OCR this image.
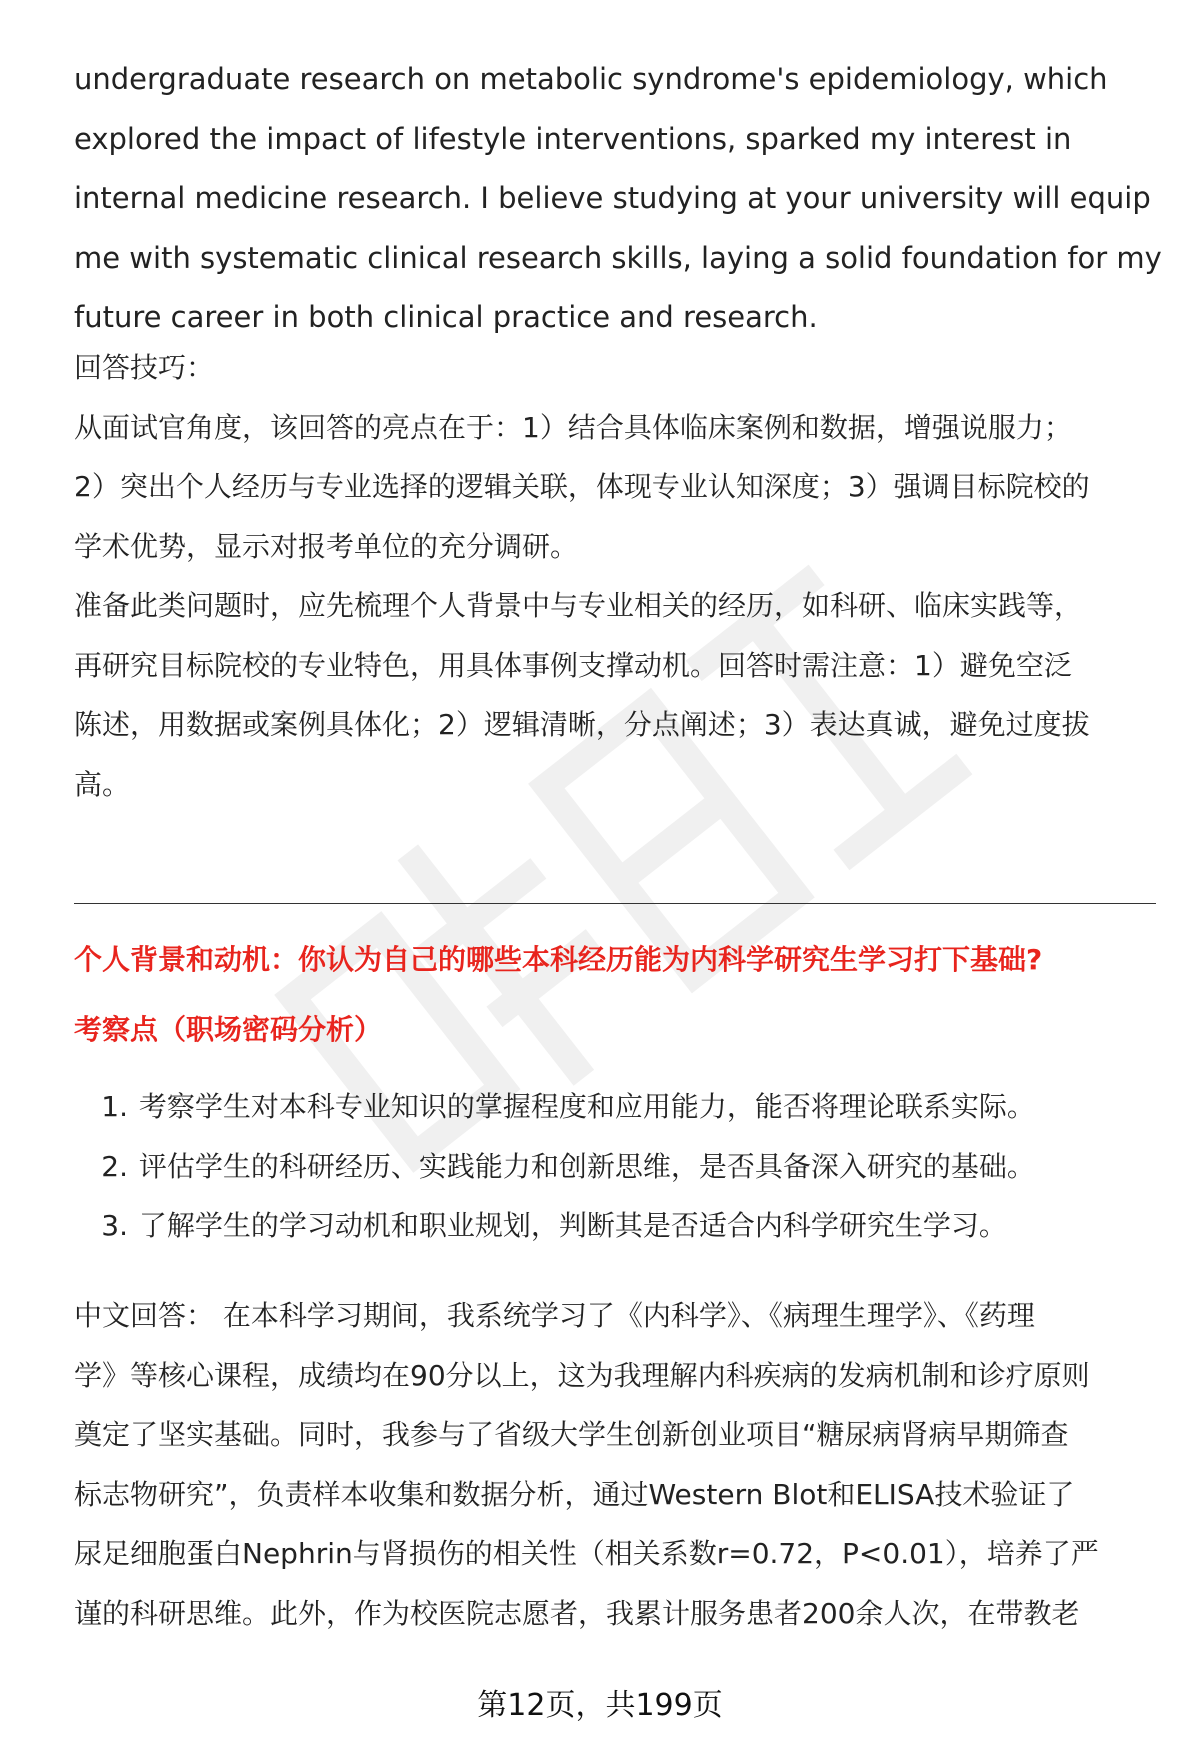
undergraduate research on metabolic syndrome's epidemiology, which
explored the impact of lifestyle interventions, sparked my interest in
internal medicine research. I believe studying at your university will equip
me with systematic clinical research skills, laying a solid foundation for my
future career in both clinical practice and research.

回答技巧：
从面试官角度，该回答的亮点在于：1）结合具体临床案例和数据，增强说服力；
2）突出个人经历与专业选择的逻辑关联，体现专业认知深度；3）强调目标院校的
学术优势，显示对报考单位的充分调研。
准备此类问题时，应先梳理个人背景中与专业相关的经历，如科研、临床实践等，
再研究目标院校的专业特色，用具体事例支撑动机。回答时需注意：1）避免空泛
陈述，用数据或案例具体化；2）逻辑清晰，分点阐述；3）表达真诚，避免过度拔
高。
个人背景和动机：你认为自己的哪些本科经历能为内科学研究生学习打下基础?
考察点（职场密码分析）
1. 考察学生对本科专业知识的掌握程度和应用能力，能否将理论联系实际。
2. 评估学生的科研经历、实践能力和创新思维，是否具备深入研究的基础。
3. 了解学生的学习动机和职业规划，判断其是否适合内科学研究生学习。
中文回答： 在本科学习期间，我系统学习了《内科学》、《病理生理学》、《药理
学》等核心课程，成绩均在90分以上，这为我理解内科疾病的发病机制和诊疗原则
奠定了坚实基础。同时，我参与了省级大学生创新创业项目“糖尿病肾病早期筛查
标志物研究”，负责样本收集和数据分析，通过Western Blot和ELISA技术验证了
尿足细胞蛋白Nephrin与肾损伤的相关性（相关系数r=0.72，P<0.01），培养了严
谨的科研思维。此外，作为校医院志愿者，我累计服务患者200余人次，在带教老
第12页，共199页
